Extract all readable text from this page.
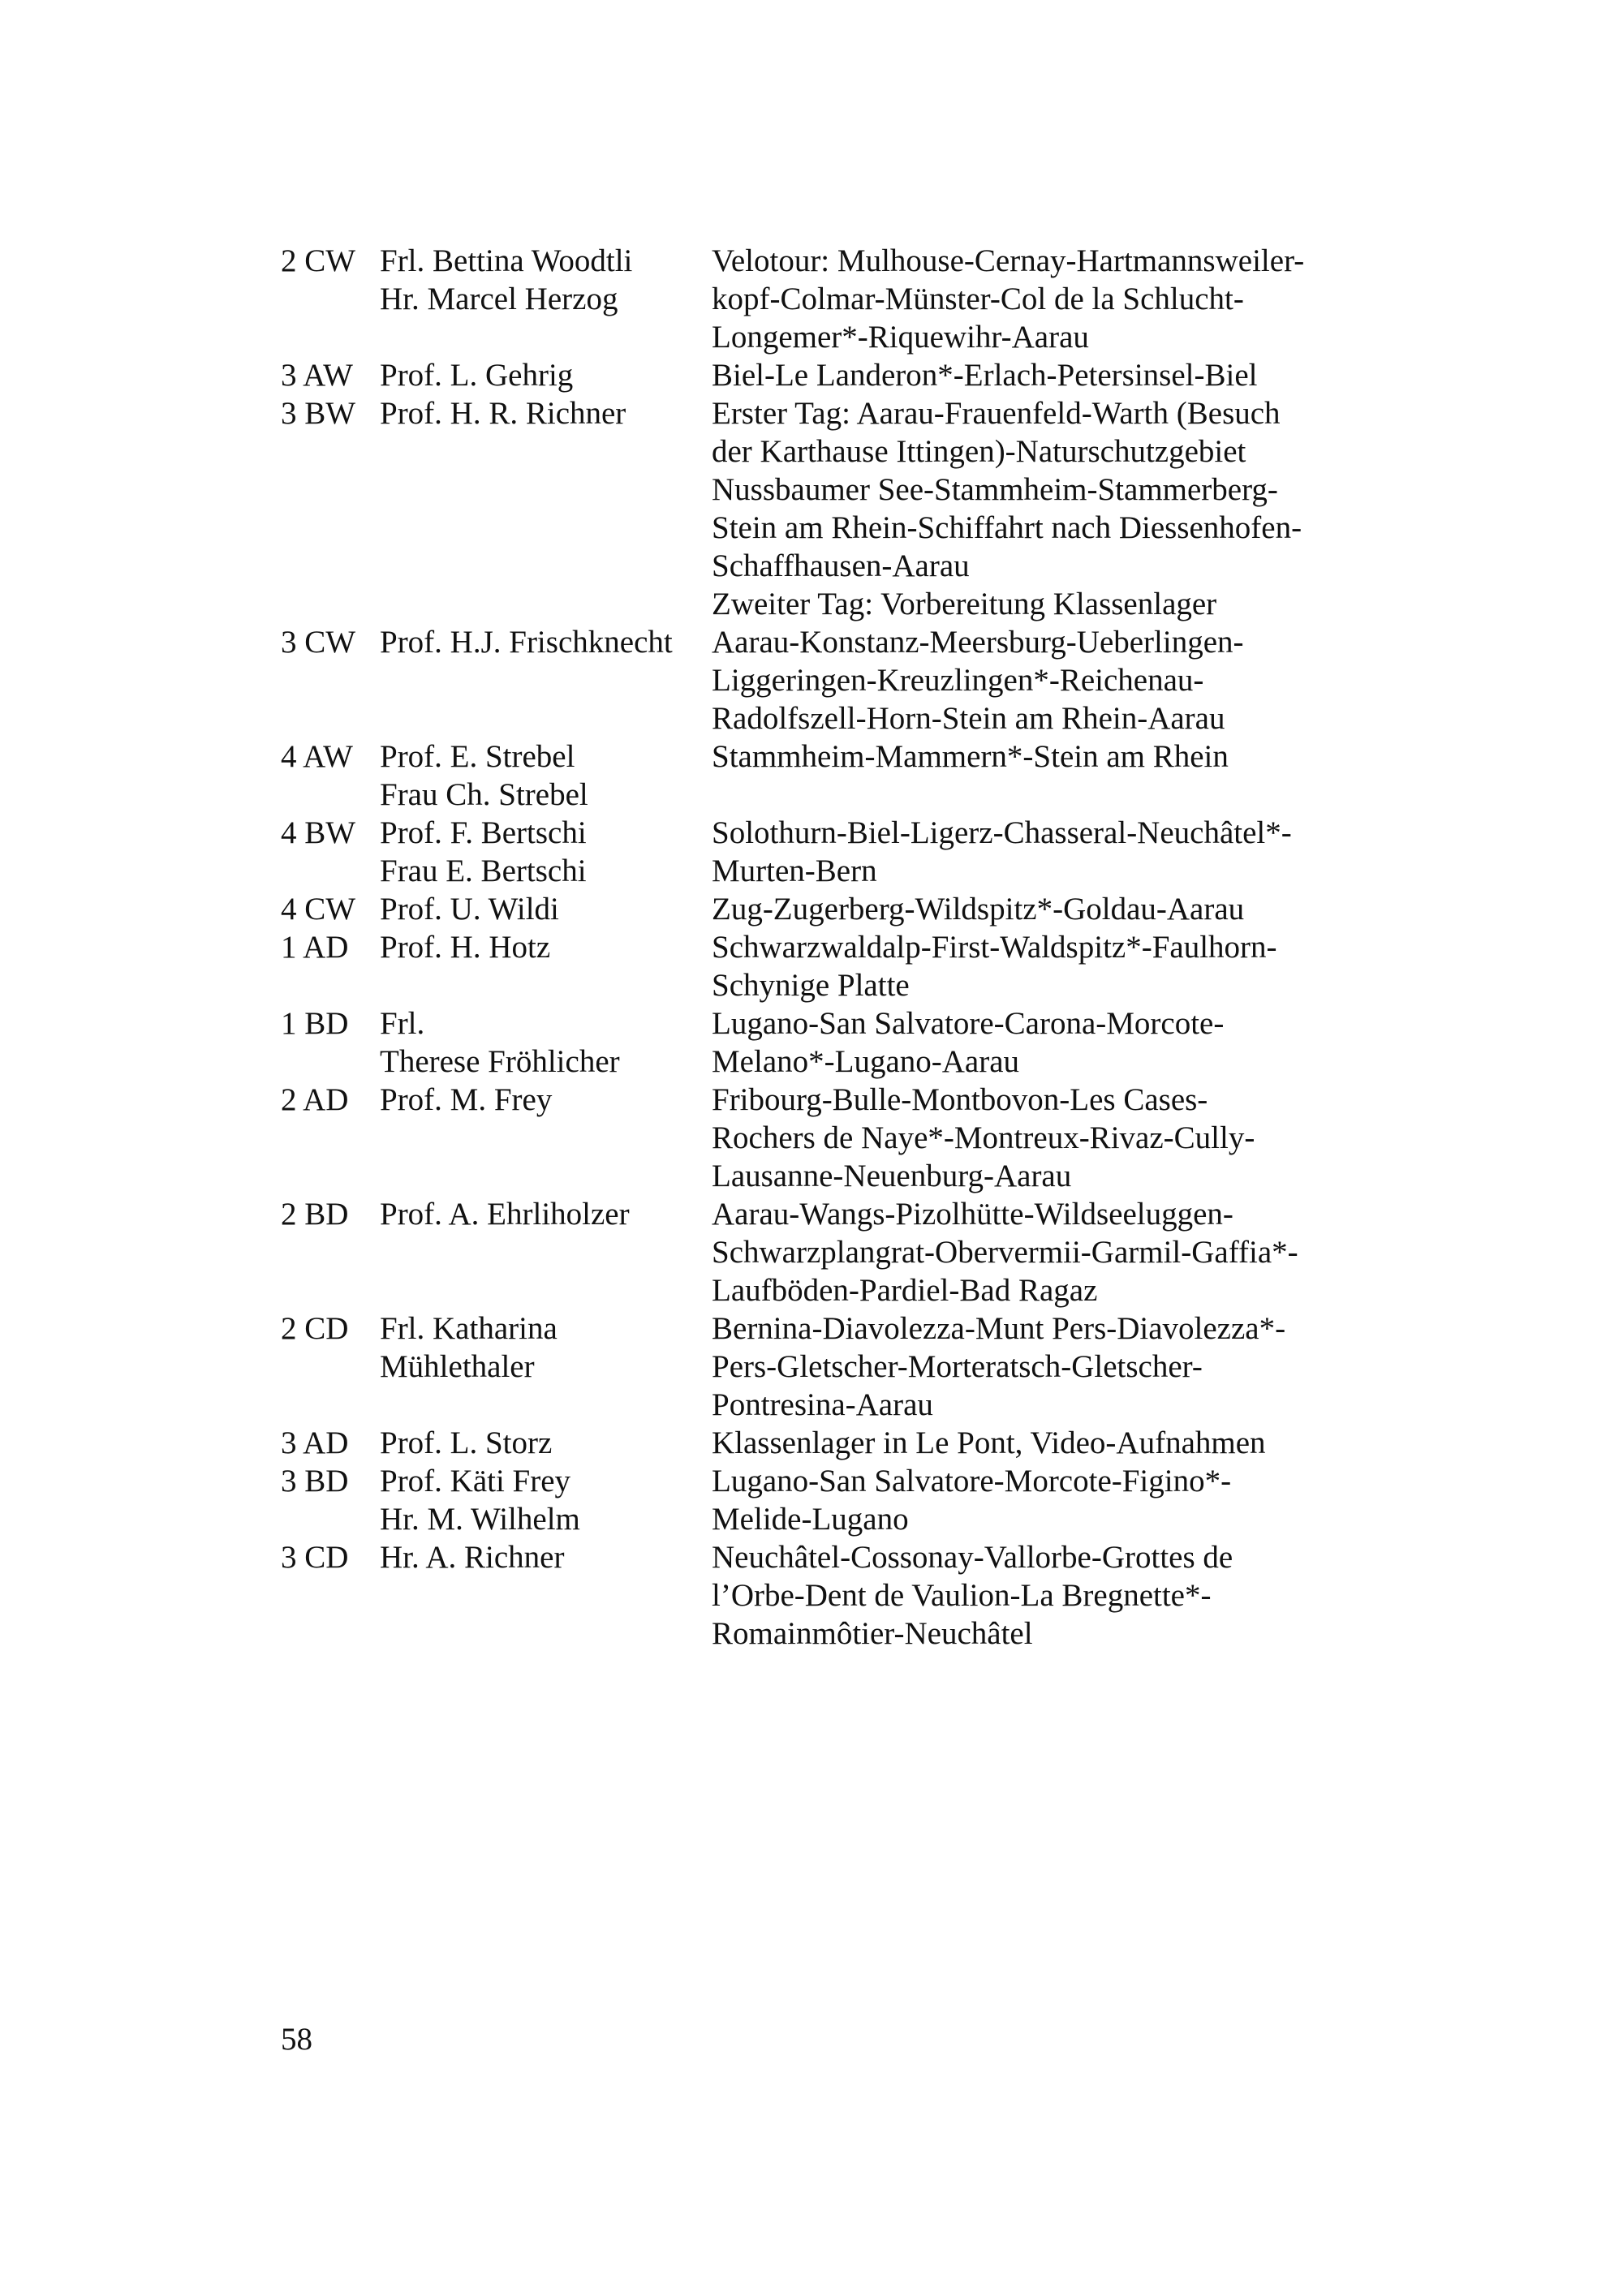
2 CW Frl. Bettina Woodtli	Velotour: Mulhouse-Cernay-Hartmannsweiler-
Hr. Marcel Herzog	kopf-Colmar-Münster-Col de la Schlucht-
Longemer*-Riquewihr-Aarau
3 AW Prof. L. Gehrig	Biel-Le Landeron*-Erlach-Petersinsel-Biel
3 BW Prof. H. R. Richner	Erster Tag: Aarau-Frauenfeld-Warth (Besuch
der Karthause Ittingen)-Naturschutzgebiet
Nussbaumer See-Stammheim-Stammerberg-
Stein am Rhein-Schiffahrt nach Diessenhofen-
Schaffhausen-Aarau
Zweiter Tag: Vorbereitung Klassenlager
3 CW Prof. H.J. Frischknecht Aarau-Konstanz-Meersburg-Ueberlingen-
Liggeringen-Kreuzlingen*-Reichenau-
Radolfszell-Horn-Stein am Rhein-Aarau
4 AW Prof. E. Strebel	Stammheim-Mammern*-Stein am Rhein
Frau Ch. Strebel
4 BW Prof. F. Bertschi	Solothurn-Biel-Ligerz-Chasseral-Neuchâtel*-
Frau E. Bertschi	Murten-Bern
4 CW Prof. U. Wildi	Zug-Zugerberg-Wildspitz*-Goldau-Aarau
1 AD Prof. H. Hotz	Schwarzwaldalp-First-Waldspitz*-Faulhorn-
Schynige Platte
1 BD Frl.	Lugano-San Salvatore-Carona-Morcote-
Therese Fröhlicher	Melano*-Lugano-Aarau
2 AD Prof. M. Frey	Fribourg-Bulle-Montbovon-Les Cases-
Rochers de Naye*-Montreux-Rivaz-Cully-
Lausanne-Neuenburg-Aarau
2 BD Prof. A. Ehrliholzer	Aarau-Wangs-Pizolhütte-Wildseeluggen-
Schwarzplangrat-Obervermii-Garmil-Gaffia*-
Laufböden-Pardiel-Bad Ragaz
2 CD Frl. Katharina	Bernina-Diavolezza-Munt Pers-Diavolezza*-
Mühlethaler	Pers-Gletscher-Morteratsch-Gletscher-
Pontresina-Aarau
3 AD Prof. L. Storz	Klassenlager in Le Pont, Video-Aufnahmen
3 BD Prof. Käti Frey	Lugano-San Salvatore-Morcote-Figino*-
Hr. M. Wilhelm	Melide-Lugano
3 CD Hr. A. Richner	Neuchâtel-Cossonay-Vallorbe-Grottes de
l’Orbe-Dent de Vaulion-La Bregnette*-
Romainmôtier-Neuchâtel
58
